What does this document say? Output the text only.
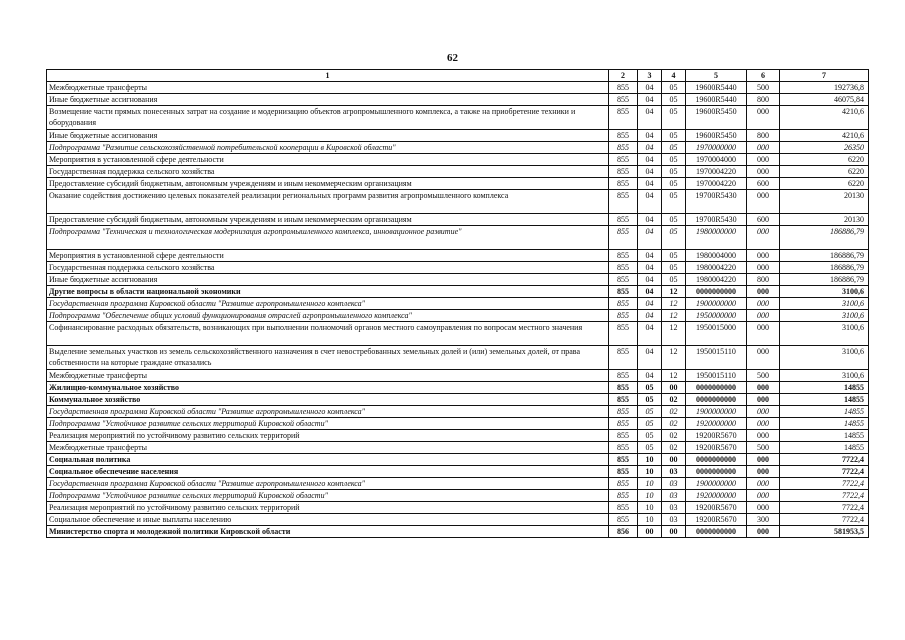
62
1	2	3	4	5	6	7
Межбюджетные трансферты	855	04	05	19600R5440	500	192736,8
Иные бюджетные ассигнования	855	04	05	19600R5440	800	46075,84
Возмещение части прямых понесенных затрат на создание и модернизацию объектов агропромышленного комплекса, а также на приобретение техники и оборудования	855	04	05	19600R5450	000	4210,6
Иные бюджетные ассигнования	855	04	05	19600R5450	800	4210,6
Подпрограмма "Развитие сельскохозяйственной потребительской кооперации в Кировской области"	855	04	05	1970000000	000	26350
Мероприятия в установленной сфере деятельности	855	04	05	1970004000	000	6220
Государственная поддержка сельского хозяйства	855	04	05	1970004220	000	6220
Предоставление субсидий бюджетным, автономным учреждениям и иным некоммерческим организациям	855	04	05	1970004220	600	6220
Оказание содействия достижению целевых показателей реализации региональных программ развития агропромышленного комплекса	855	04	05	19700R5430	000	20130
Предоставление субсидий бюджетным, автономным учреждениям и иным некоммерческим организациям	855	04	05	19700R5430	600	20130
Подпрограмма "Техническая и технологическая модернизация агропромышленного комплекса, инновационное развитие"	855	04	05	1980000000	000	186886,79
Мероприятия в установленной сфере деятельности	855	04	05	1980004000	000	186886,79
Государственная поддержка сельского хозяйства	855	04	05	1980004220	000	186886,79
Иные бюджетные ассигнования	855	04	05	1980004220	800	186886,79
Другие вопросы в области национальной экономики	855	04	12	0000000000	000	3100,6
Государственная программа Кировской области "Развитие агропромышленного комплекса"	855	04	12	1900000000	000	3100,6
Подпрограмма "Обеспечение общих условий функционирования отраслей агропромышленного комплекса"	855	04	12	1950000000	000	3100,6
Софинансирование расходных обязательств, возникающих при выполнении полномочий органов местного самоуправления по вопросам местного значения	855	04	12	1950015000	000	3100,6
Выделение земельных участков из земель сельскохозяйственного назначения в счет невостребованных земельных долей и (или) земельных долей, от права собственности на которые граждане отказались	855	04	12	1950015110	000	3100,6
Межбюджетные трансферты	855	04	12	1950015110	500	3100,6
Жилищно-коммунальное хозяйство	855	05	00	0000000000	000	14855
Коммунальное хозяйство	855	05	02	0000000000	000	14855
Государственная программа Кировской области "Развитие агропромышленного комплекса"	855	05	02	1900000000	000	14855
Подпрограмма "Устойчивое развитие сельских территорий Кировской области"	855	05	02	1920000000	000	14855
Реализация мероприятий по устойчивому развитию сельских территорий	855	05	02	19200R5670	000	14855
Межбюджетные трансферты	855	05	02	19200R5670	500	14855
Социальная политика	855	10	00	0000000000	000	7722,4
Социальное обеспечение населения	855	10	03	0000000000	000	7722,4
Государственная программа Кировской области "Развитие агропромышленного комплекса"	855	10	03	1900000000	000	7722,4
Подпрограмма "Устойчивое развитие сельских территорий Кировской области"	855	10	03	1920000000	000	7722,4
Реализация мероприятий по устойчивому развитию сельских территорий	855	10	03	19200R5670	000	7722,4
Социальное обеспечение и иные выплаты населению	855	10	03	19200R5670	300	7722,4
Министерство спорта и молодежной политики Кировской области	856	00	00	0000000000	000	581953,5
